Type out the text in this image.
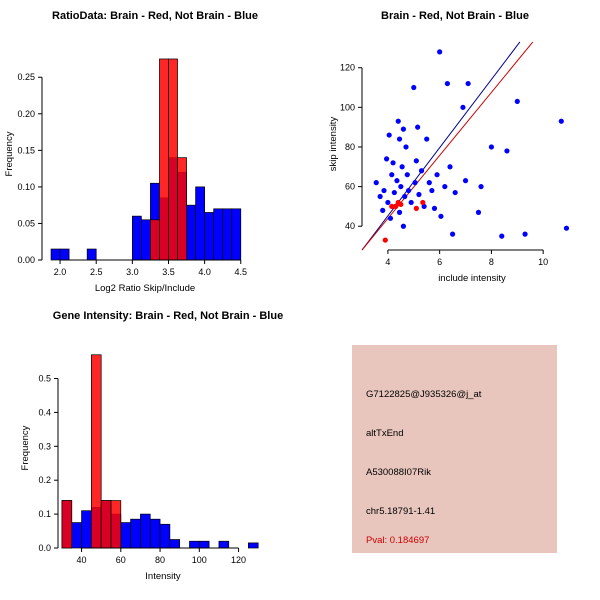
RatioData: Brain - Red, Not Brain - Blue
2.0	2.5	3.0	3.5	4.0	4.5
0.00
0.05
0.10
0.15
0.20
0.25
Log2 Ratio Skip/Include
Frequency
Brain - Red, Not Brain - Blue
4	6	8	10
40
60
80
100
120
include intensity
skip intensity
Gene Intensity: Brain - Red, Not Brain - Blue
40	60	80	100	120
0.0
0.1
0.2
0.3
0.4
0.5
Intensity
Frequency
G7122825@J935326@j_at
altTxEnd
A530088I07Rik
chr5.18791-1.41
Pval: 0.184697
